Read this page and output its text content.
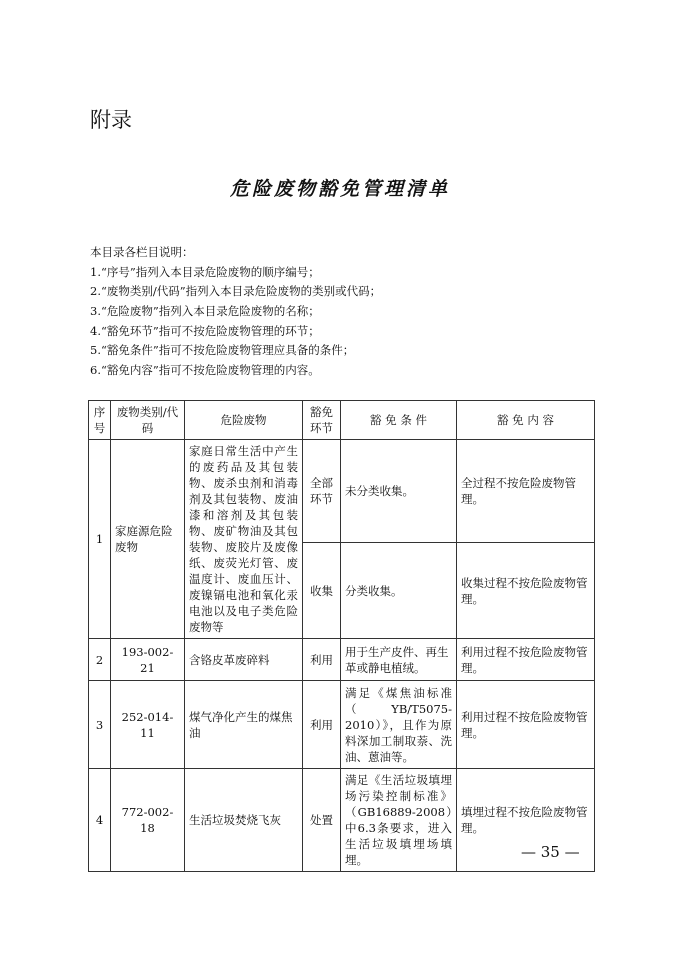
附录
危险废物豁免管理清单
本目录各栏目说明：
1.“序号”指列入本目录危险废物的顺序编号；
2.“废物类别/代码”指列入本目录危险废物的类别或代码；
3.“危险废物”指列入本目录危险废物的名称；
4.“豁免环节”指可不按危险废物管理的环节；
5.“豁免条件”指可不按危险废物管理应具备的条件；
6.“豁免内容”指可不按危险废物管理的内容。
序号	废物类别/代码	危险废物	豁免环节	豁 免 条 件	豁 免 内 容
1	家庭源危险废物	家庭日常生活中产生的废药品及其包装物、废杀虫剂和消毒剂及其包装物、废油漆和溶剂及其包装物、废矿物油及其包装物、废胶片及废像纸、废荧光灯管、废温度计、废血压计、废镍镉电池和氧化汞电池以及电子类危险废物等	全部环节	未分类收集。	全过程不按危险废物管理。
			收集	分类收集。	收集过程不按危险废物管理。
2	193-002-21	含铬皮革废碎料	利用	用于生产皮件、再生革或静电植绒。	利用过程不按危险废物管理。
3	252-014-11	煤气净化产生的煤焦油	利用	满足《煤焦油标准（YB/T5075-2010）》，且作为原料深加工制取萘、洗油、蒽油等。	利用过程不按危险废物管理。
4	772-002-18	生活垃圾焚烧飞灰	处置	满足《生活垃圾填埋场污染控制标准》（GB16889-2008）中6.3条要求，进入生活垃圾填埋场填埋。	填埋过程不按危险废物管理。
— 35 —
